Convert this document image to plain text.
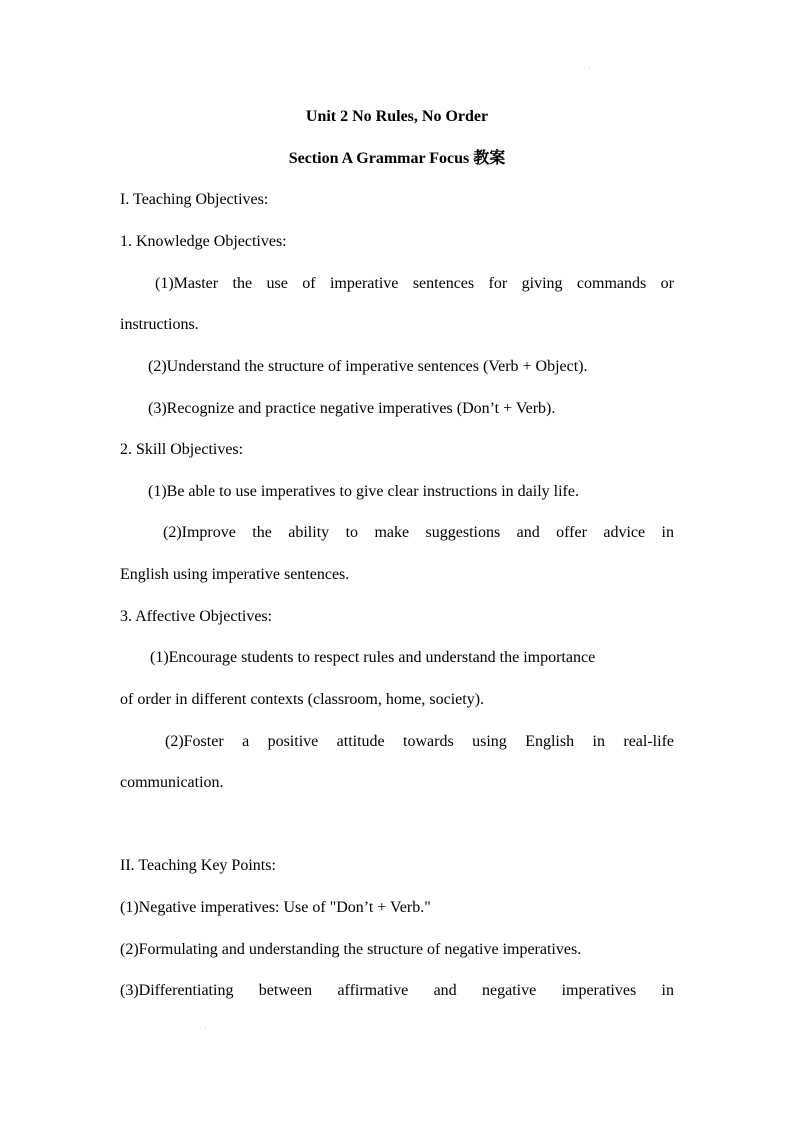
Unit 2 No Rules, No Order
Section A Grammar Focus 教案
I. Teaching Objectives:
1. Knowledge Objectives:
(1)Master the use of imperative sentences for giving commands or
instructions.
(2)Understand the structure of imperative sentences (Verb + Object).
(3)Recognize and practice negative imperatives (Don’t + Verb).
2. Skill Objectives:
(1)Be able to use imperatives to give clear instructions in daily life.
(2)Improve the ability to make suggestions and offer advice in
English using imperative sentences.
3. Affective Objectives:
(1)Encourage students to respect rules and understand the importance
of order in different contexts (classroom, home, society).
(2)Foster a positive attitude towards using English in real-life
communication.
II. Teaching Key Points:
(1)Negative imperatives: Use of "Don’t + Verb."
(2)Formulating and understanding the structure of negative imperatives.
(3)Differentiating between affirmative and negative imperatives in
